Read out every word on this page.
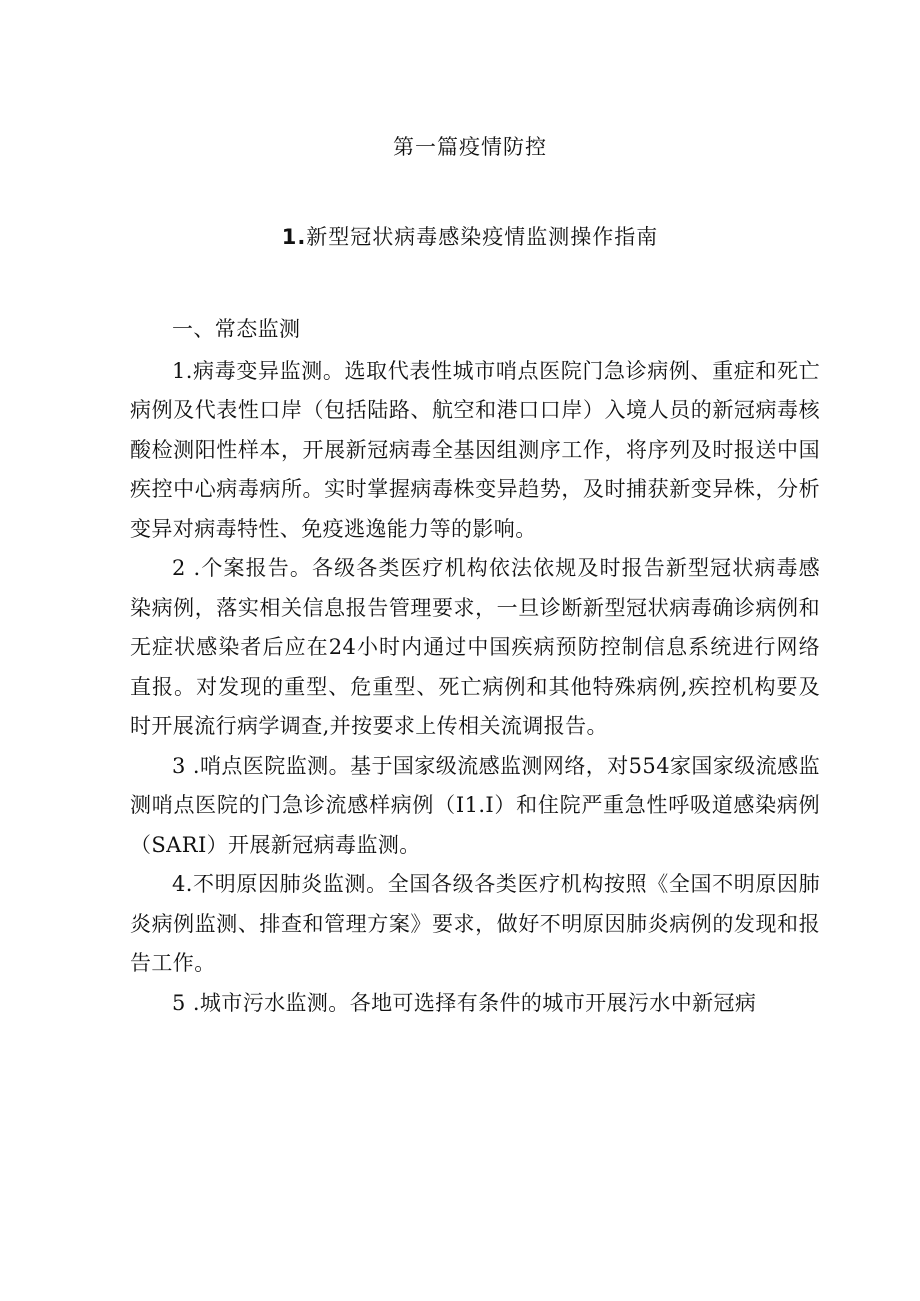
第一篇疫情防控
1.新型冠状病毒感染疫情监测操作指南

一、常态监测

1.病毒变异监测。选取代表性城市哨点医院门急诊病例、重症和死亡病例及代表性口岸（包括陆路、航空和港口口岸）入境人员的新冠病毒核酸检测阳性样本，开展新冠病毒全基因组测序工作，将序列及时报送中国疾控中心病毒病所。实时掌握病毒株变异趋势，及时捕获新变异株，分析变异对病毒特性、免疫逃逸能力等的影响。

2 .个案报告。各级各类医疗机构依法依规及时报告新型冠状病毒感染病例，落实相关信息报告管理要求，一旦诊断新型冠状病毒确诊病例和无症状感染者后应在24小时内通过中国疾病预防控制信息系统进行网络直报。对发现的重型、危重型、死亡病例和其他特殊病例,疾控机构要及时开展流行病学调查,并按要求上传相关流调报告。

3 .哨点医院监测。基于国家级流感监测网络，对554家国家级流感监测哨点医院的门急诊流感样病例（I1.I）和住院严重急性呼吸道感染病例（SARI）开展新冠病毒监测。

4.不明原因肺炎监测。全国各级各类医疗机构按照《全国不明原因肺炎病例监测、排查和管理方案》要求，做好不明原因肺炎病例的发现和报告工作。

5 .城市污水监测。各地可选择有条件的城市开展污水中新冠病
